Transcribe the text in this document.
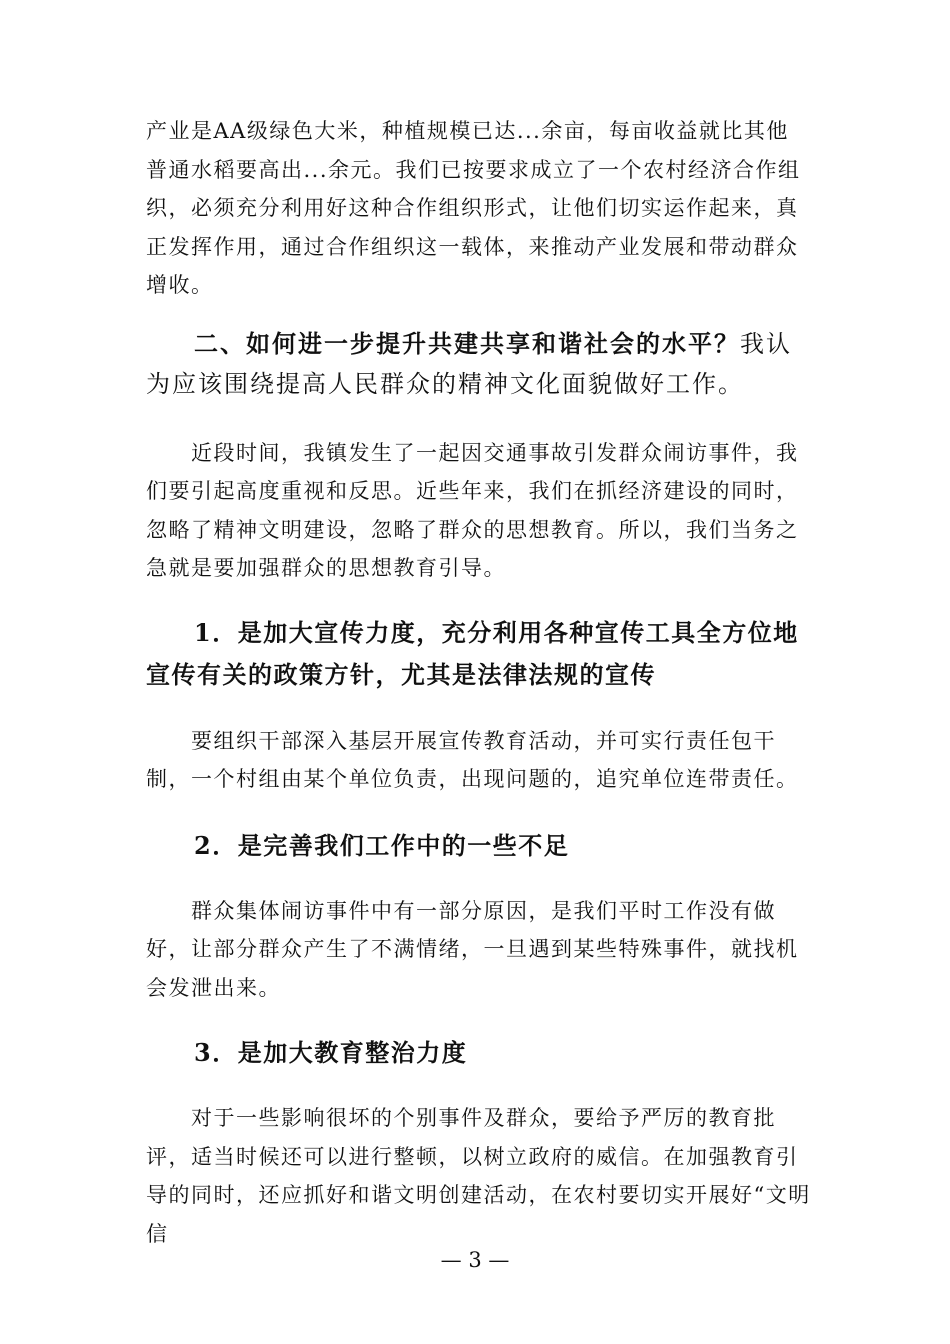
产业是AA级绿色大米，种植规模已达...余亩，每亩收益就比其他普通水稻要高出...余元。我们已按要求成立了一个农村经济合作组织，必须充分利用好这种合作组织形式，让他们切实运作起来，真正发挥作用，通过合作组织这一载体，来推动产业发展和带动群众增收。

二、如何进一步提升共建共享和谐社会的水平？我认为应该围绕提高人民群众的精神文化面貌做好工作。

近段时间，我镇发生了一起因交通事故引发群众闹访事件，我们要引起高度重视和反思。近些年来，我们在抓经济建设的同时，忽略了精神文明建设，忽略了群众的思想教育。所以，我们当务之急就是要加强群众的思想教育引导。

1．是加大宣传力度，充分利用各种宣传工具全方位地宣传有关的政策方针，尤其是法律法规的宣传

要组织干部深入基层开展宣传教育活动，并可实行责任包干制，一个村组由某个单位负责，出现问题的，追究单位连带责任。

2．是完善我们工作中的一些不足

群众集体闹访事件中有一部分原因，是我们平时工作没有做好，让部分群众产生了不满情绪，一旦遇到某些特殊事件，就找机会发泄出来。

3．是加大教育整治力度

对于一些影响很坏的个别事件及群众，要给予严厉的教育批评，适当时候还可以进行整顿，以树立政府的威信。在加强教育引导的同时，还应抓好和谐文明创建活动，在农村要切实开展好“文明信

— 3 —
